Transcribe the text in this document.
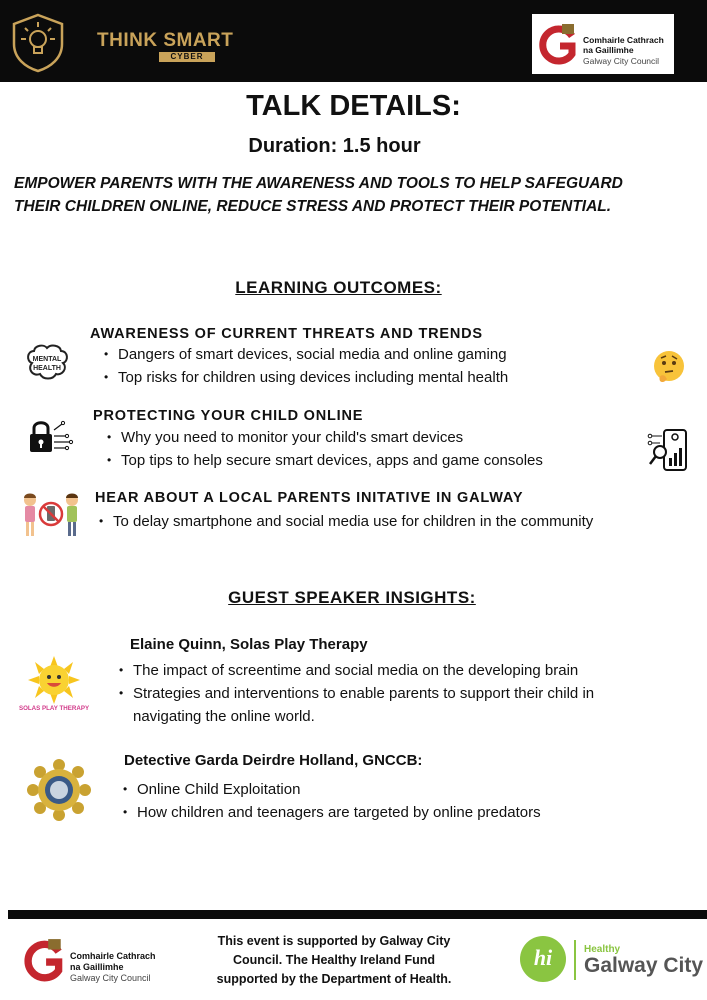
THINK SMART
CYBER
Comhairle Cathrach
na Gaillimhe
Galway City Council
TALK DETAILS:
Duration: 1.5 hour
EMPOWER PARENTS WITH THE AWARENESS AND TOOLS TO HELP SAFEGUARD
THEIR CHILDREN ONLINE, REDUCE STRESS AND PROTECT THEIR POTENTIAL.
LEARNING OUTCOMES:
MENTAL
HEALTH
AWARENESS OF CURRENT THREATS AND TRENDS
• Dangers of smart devices, social media and online gaming
• Top risks for children using devices including mental health
PROTECTING YOUR CHILD ONLINE
• Why you need to monitor your child's smart devices
• Top tips to help secure smart devices, apps and game consoles
HEAR ABOUT A LOCAL PARENTS INITATIVE IN GALWAY
• To delay smartphone and social media use for children in the community
GUEST SPEAKER INSIGHTS:
SOLAS PLAY THERAPY
Elaine Quinn, Solas Play Therapy
• The impact of screentime and social media on the developing brain
• Strategies and interventions to enable parents to support their child in
navigating the online world.
Detective Garda Deirdre Holland, GNCCB:
• Online Child Exploitation
• How children and teenagers are targeted by online predators
Comhairle Cathrach
na Gaillimhe
Galway City Council
This event is supported by Galway City
Council. The Healthy Ireland Fund
supported by the Department of Health.
hi	Healthy
Galway City
